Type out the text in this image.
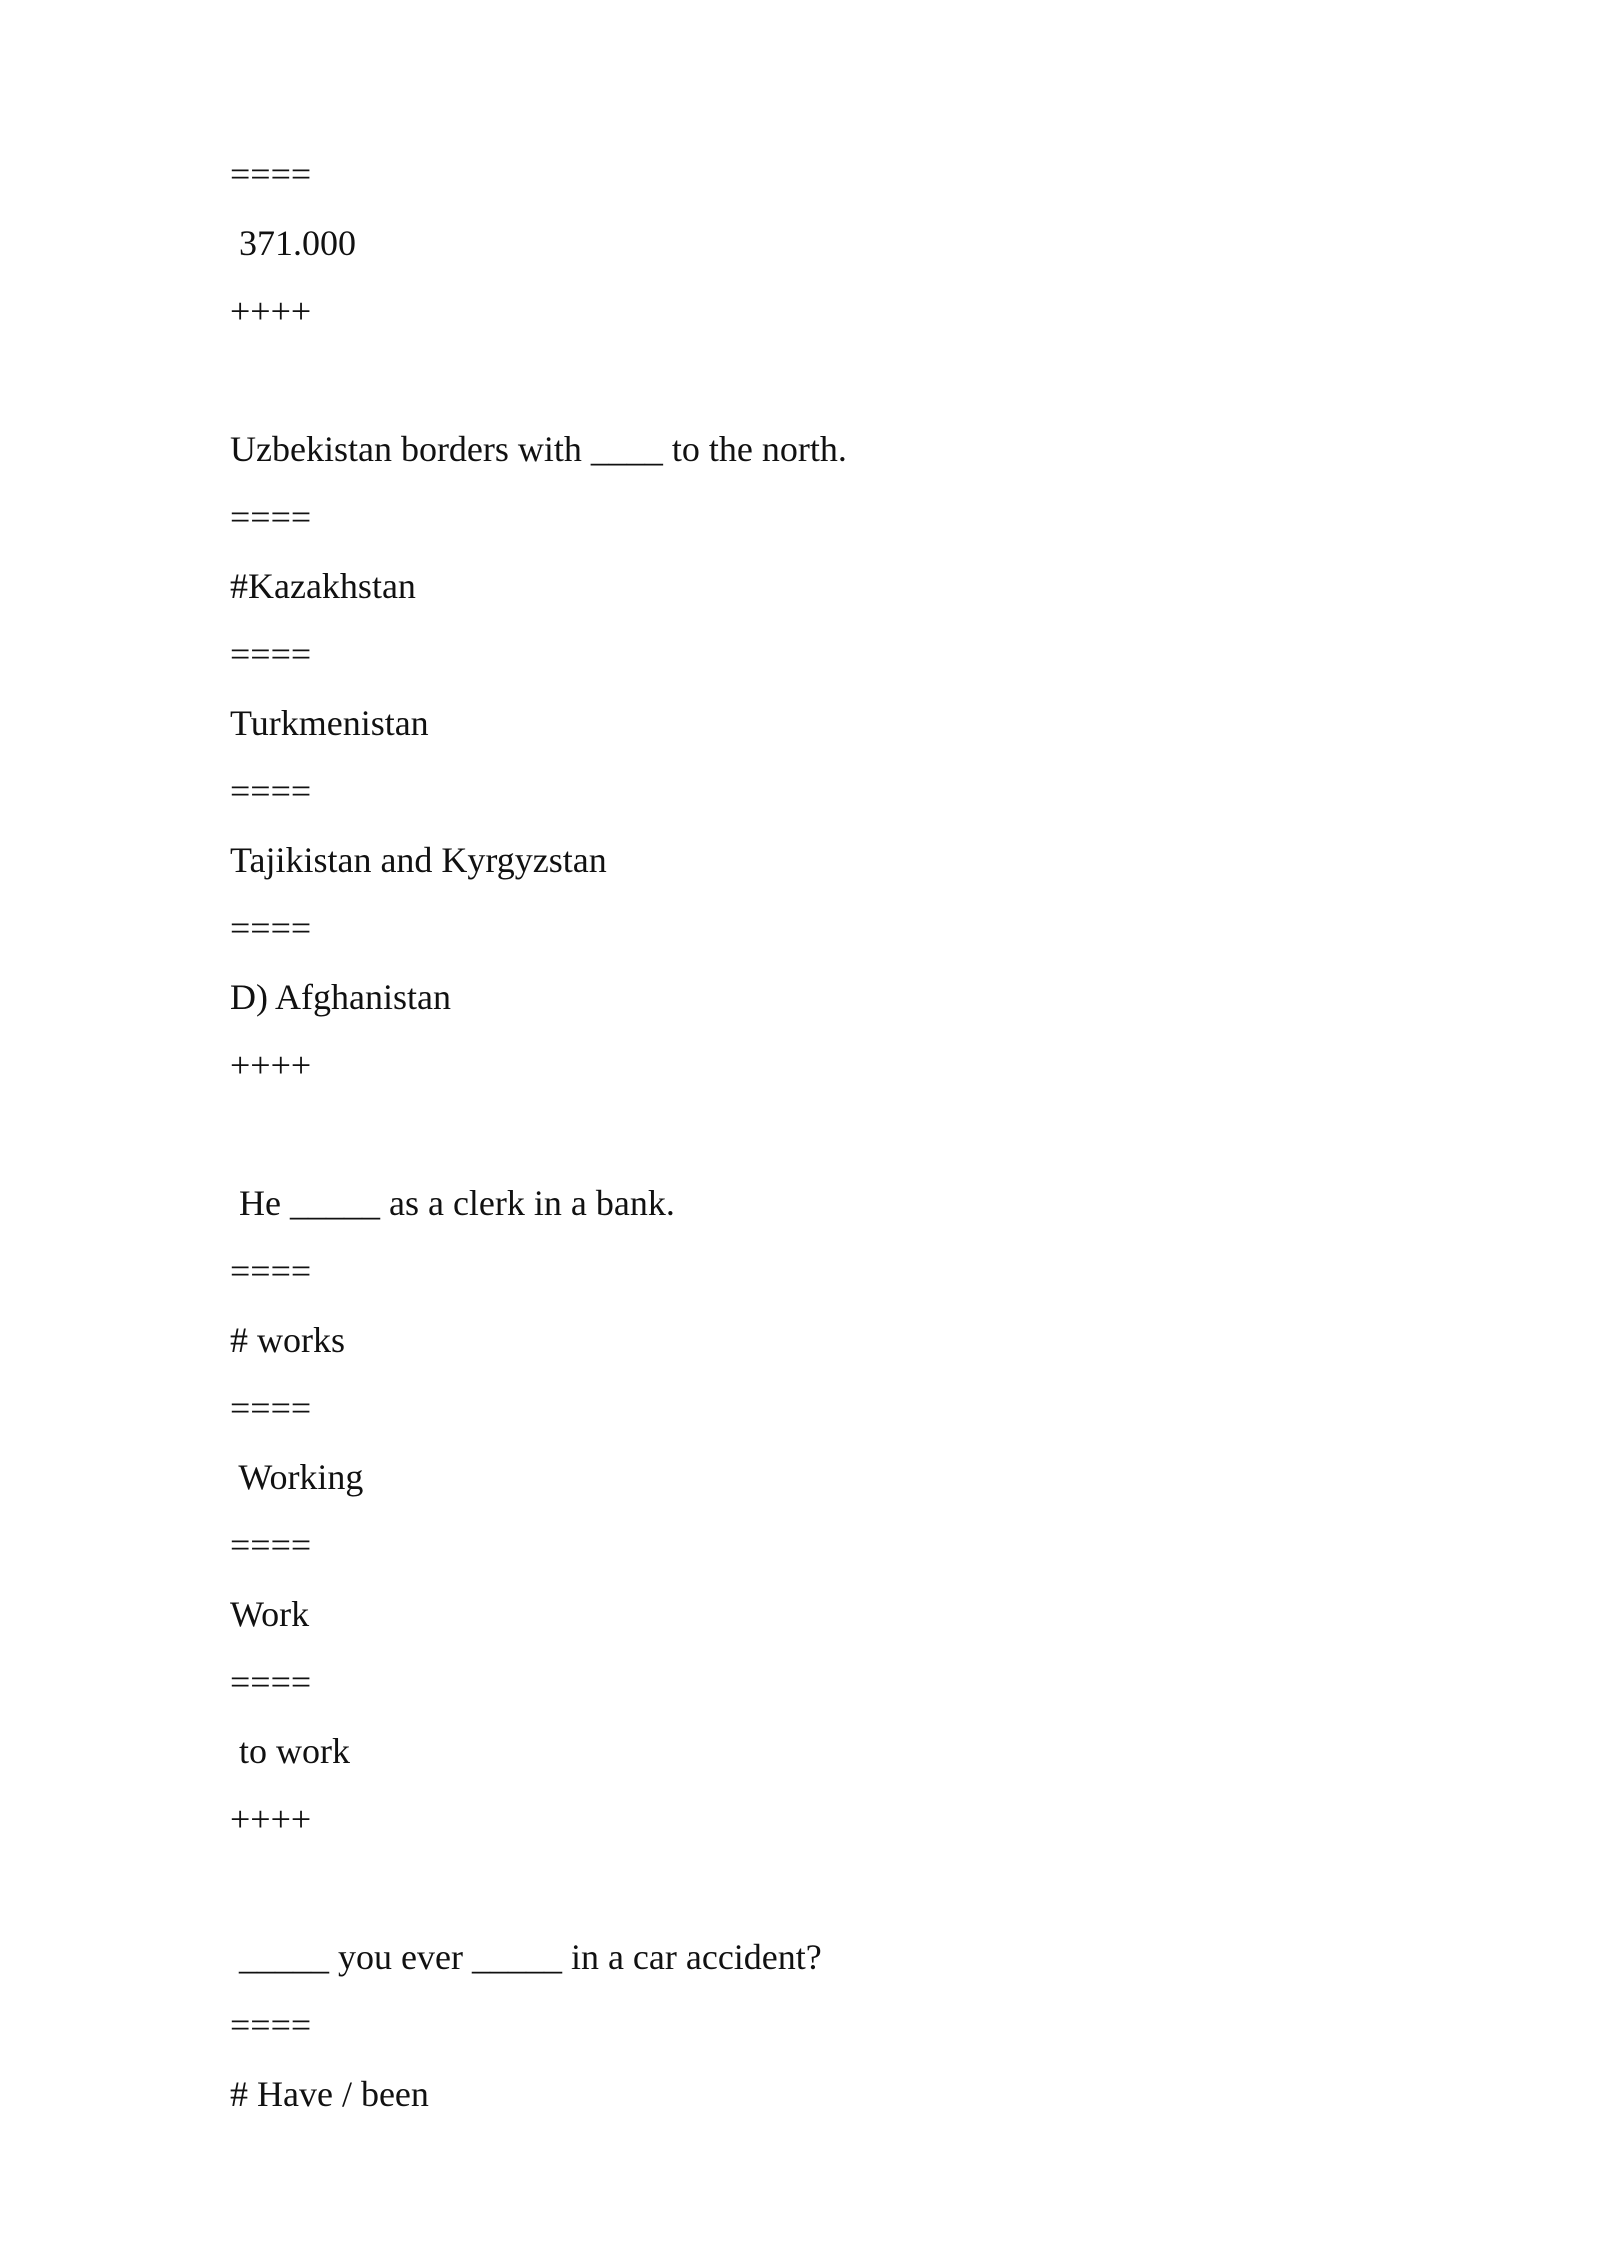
====
371.000
++++
Uzbekistan borders with ____ to the north.
====
#Kazakhstan
====
Turkmenistan
====
Tajikistan and Kyrgyzstan
====
D) Afghanistan
++++
He _____ as a clerk in a bank.
====
# works
====
Working
====
Work
====
to work
++++
_____ you ever _____ in a car accident?
====
# Have / been
